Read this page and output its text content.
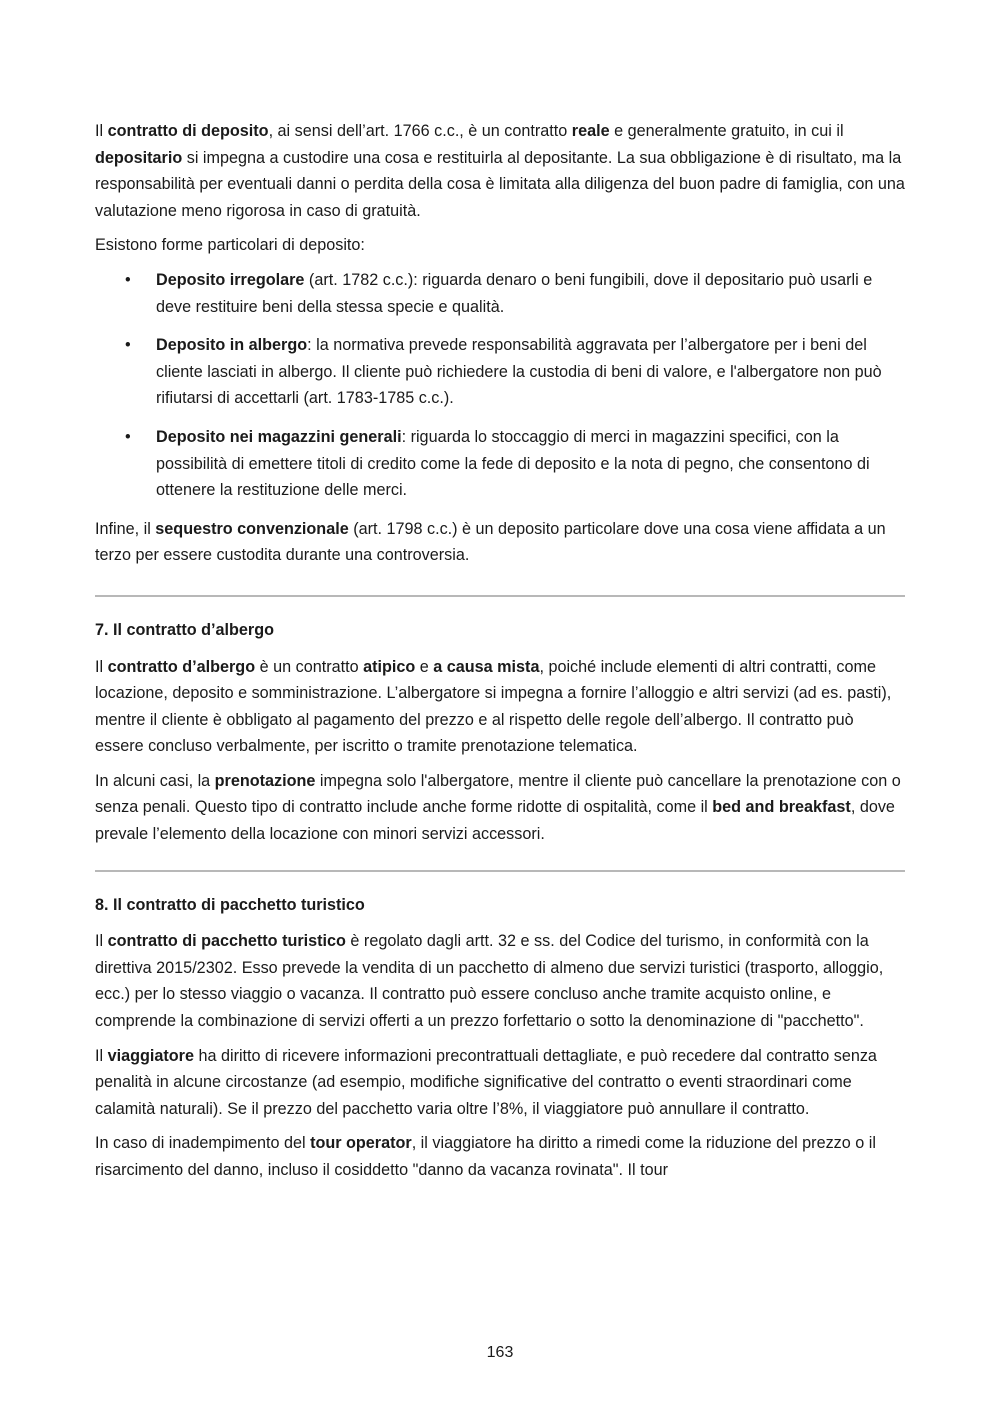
Il contratto di deposito, ai sensi dell’art. 1766 c.c., è un contratto reale e generalmente gratuito, in cui il depositario si impegna a custodire una cosa e restituirla al depositante. La sua obbligazione è di risultato, ma la responsabilità per eventuali danni o perdita della cosa è limitata alla diligenza del buon padre di famiglia, con una valutazione meno rigorosa in caso di gratuità.

Esistono forme particolari di deposito:

• Deposito irregolare (art. 1782 c.c.): riguarda denaro o beni fungibili, dove il depositario può usarli e deve restituire beni della stessa specie e qualità.
• Deposito in albergo: la normativa prevede responsabilità aggravata per l’albergatore per i beni del cliente lasciati in albergo. Il cliente può richiedere la custodia di beni di valore, e l'albergatore non può rifiutarsi di accettarli (art. 1783-1785 c.c.).
• Deposito nei magazzini generali: riguarda lo stoccaggio di merci in magazzini specifici, con la possibilità di emettere titoli di credito come la fede di deposito e la nota di pegno, che consentono di ottenere la restituzione delle merci.

Infine, il sequestro convenzionale (art. 1798 c.c.) è un deposito particolare dove una cosa viene affidata a un terzo per essere custodita durante una controversia.

7. Il contratto d’albergo

Il contratto d’albergo è un contratto atipico e a causa mista, poiché include elementi di altri contratti, come locazione, deposito e somministrazione. L’albergatore si impegna a fornire l’alloggio e altri servizi (ad es. pasti), mentre il cliente è obbligato al pagamento del prezzo e al rispetto delle regole dell’albergo. Il contratto può essere concluso verbalmente, per iscritto o tramite prenotazione telematica.

In alcuni casi, la prenotazione impegna solo l'albergatore, mentre il cliente può cancellare la prenotazione con o senza penali. Questo tipo di contratto include anche forme ridotte di ospitalità, come il bed and breakfast, dove prevale l’elemento della locazione con minori servizi accessori.

8. Il contratto di pacchetto turistico

Il contratto di pacchetto turistico è regolato dagli artt. 32 e ss. del Codice del turismo, in conformità con la direttiva 2015/2302. Esso prevede la vendita di un pacchetto di almeno due servizi turistici (trasporto, alloggio, ecc.) per lo stesso viaggio o vacanza. Il contratto può essere concluso anche tramite acquisto online, e comprende la combinazione di servizi offerti a un prezzo forfettario o sotto la denominazione di "pacchetto".

Il viaggiatore ha diritto di ricevere informazioni precontrattuali dettagliate, e può recedere dal contratto senza penalità in alcune circostanze (ad esempio, modifiche significative del contratto o eventi straordinari come calamità naturali). Se il prezzo del pacchetto varia oltre l’8%, il viaggiatore può annullare il contratto.

In caso di inadempimento del tour operator, il viaggiatore ha diritto a rimedi come la riduzione del prezzo o il risarcimento del danno, incluso il cosiddetto "danno da vacanza rovinata". Il tour

163
